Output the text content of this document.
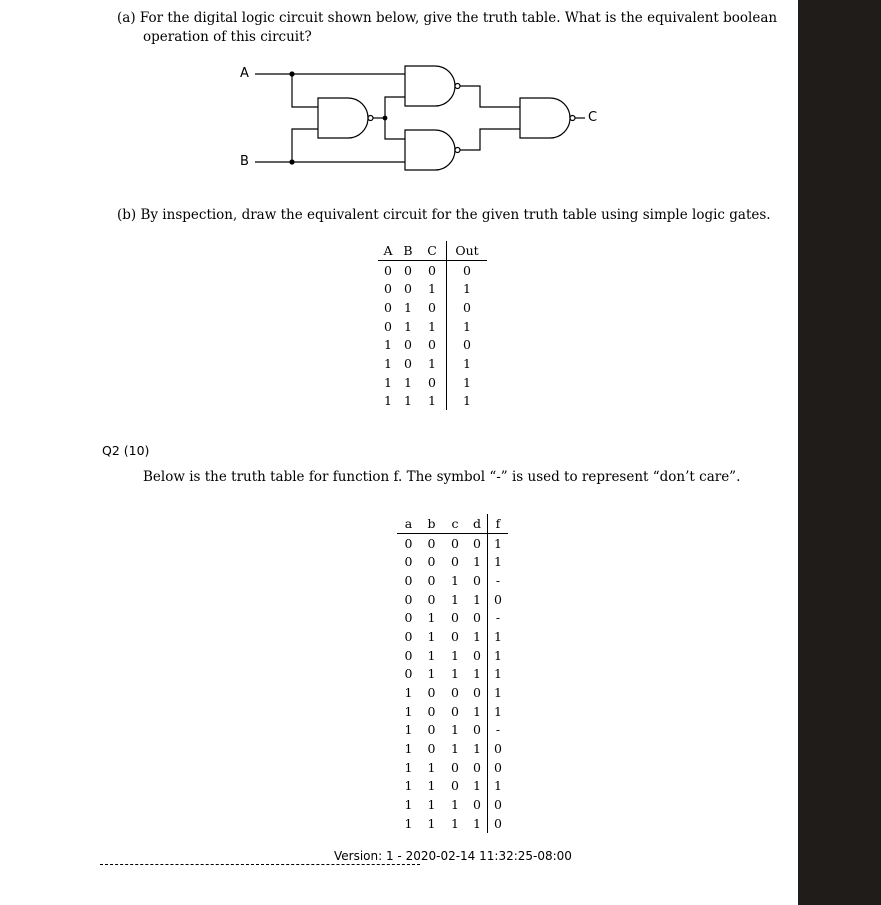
(a) For the digital logic circuit shown below, give the truth table. What is the equivalent boolean
operation of this circuit?
A
B
C
(b) By inspection, draw the equivalent circuit for the given truth table using simple logic gates.
A	B	C	Out
0	0	0	0
0	0	1	1
0	1	0	0
0	1	1	1
1	0	0	0
1	0	1	1
1	1	0	1
1	1	1	1
Q2 (10)
Below is the truth table for function f. The symbol “-” is used to represent “don’t care”.
a	b	c	d	f
0	0	0	0	1
0	0	0	1	1
0	0	1	0	-
0	0	1	1	0
0	1	0	0	-
0	1	0	1	1
0	1	1	0	1
0	1	1	1	1
1	0	0	0	1
1	0	0	1	1
1	0	1	0	-
1	0	1	1	0
1	1	0	0	0
1	1	0	1	1
1	1	1	0	0
1	1	1	1	0
Version: 1 - 2020-02-14 11:32:25-08:00
